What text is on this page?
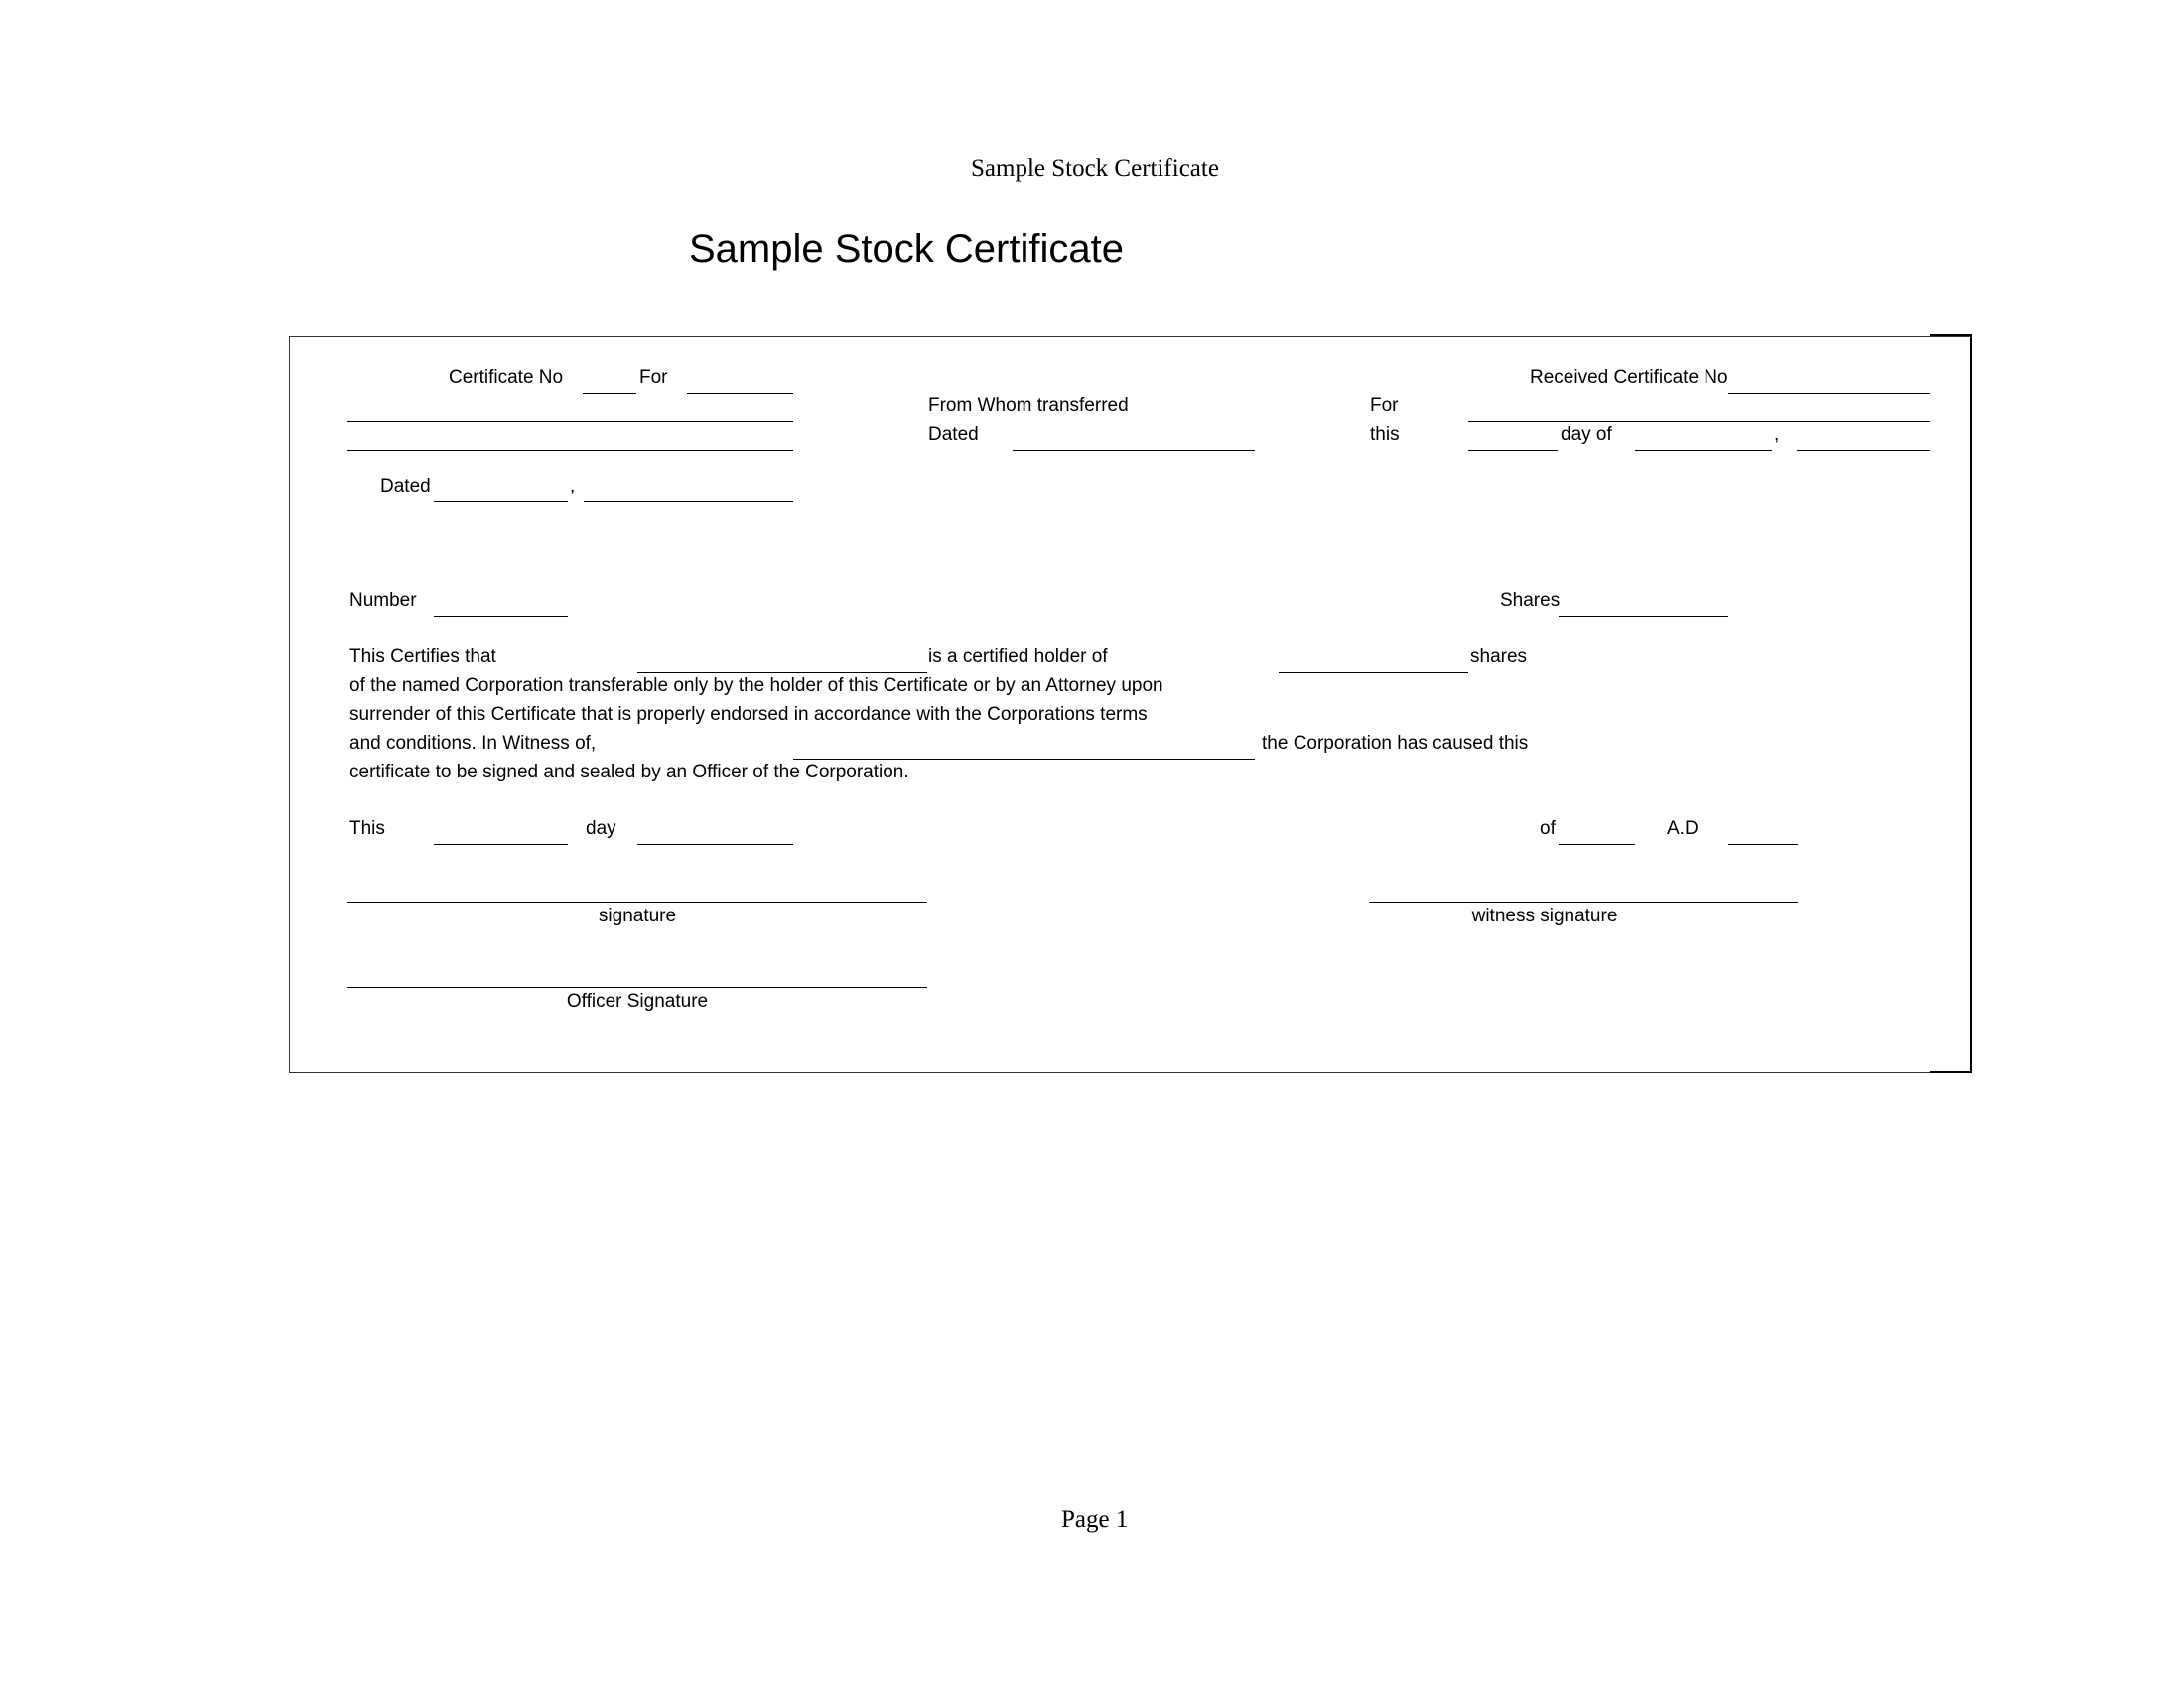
Sample Stock Certificate
Sample Stock Certificate
Certificate No	For
Dated	,
From Whom transferred
Dated
Received Certificate No
For
this	day of	,
Number	Shares
This Certifies that	is a certified holder of	shares
of the named Corporation transferable only by the holder of this Certificate or by an Attorney upon
surrender of this Certificate that is properly endorsed in accordance with the Corporations terms
and conditions. In Witness of,	the Corporation has caused this
certificate to be signed and sealed by an Officer of the Corporation.
This	day	of	A.D
signature	witness signature
Officer Signature
Page 1
